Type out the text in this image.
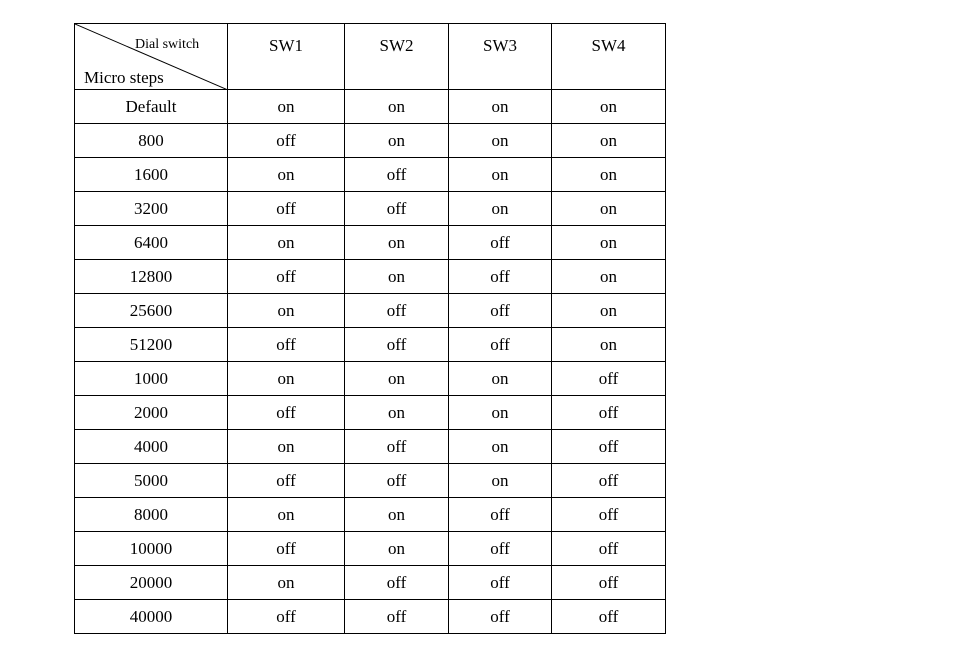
Dial switch
Micro steps	SW1	SW2	SW3	SW4
Default	on	on	on	on
800	off	on	on	on
1600	on	off	on	on
3200	off	off	on	on
6400	on	on	off	on
12800	off	on	off	on
25600	on	off	off	on
51200	off	off	off	on
1000	on	on	on	off
2000	off	on	on	off
4000	on	off	on	off
5000	off	off	on	off
8000	on	on	off	off
10000	off	on	off	off
20000	on	off	off	off
40000	off	off	off	off
